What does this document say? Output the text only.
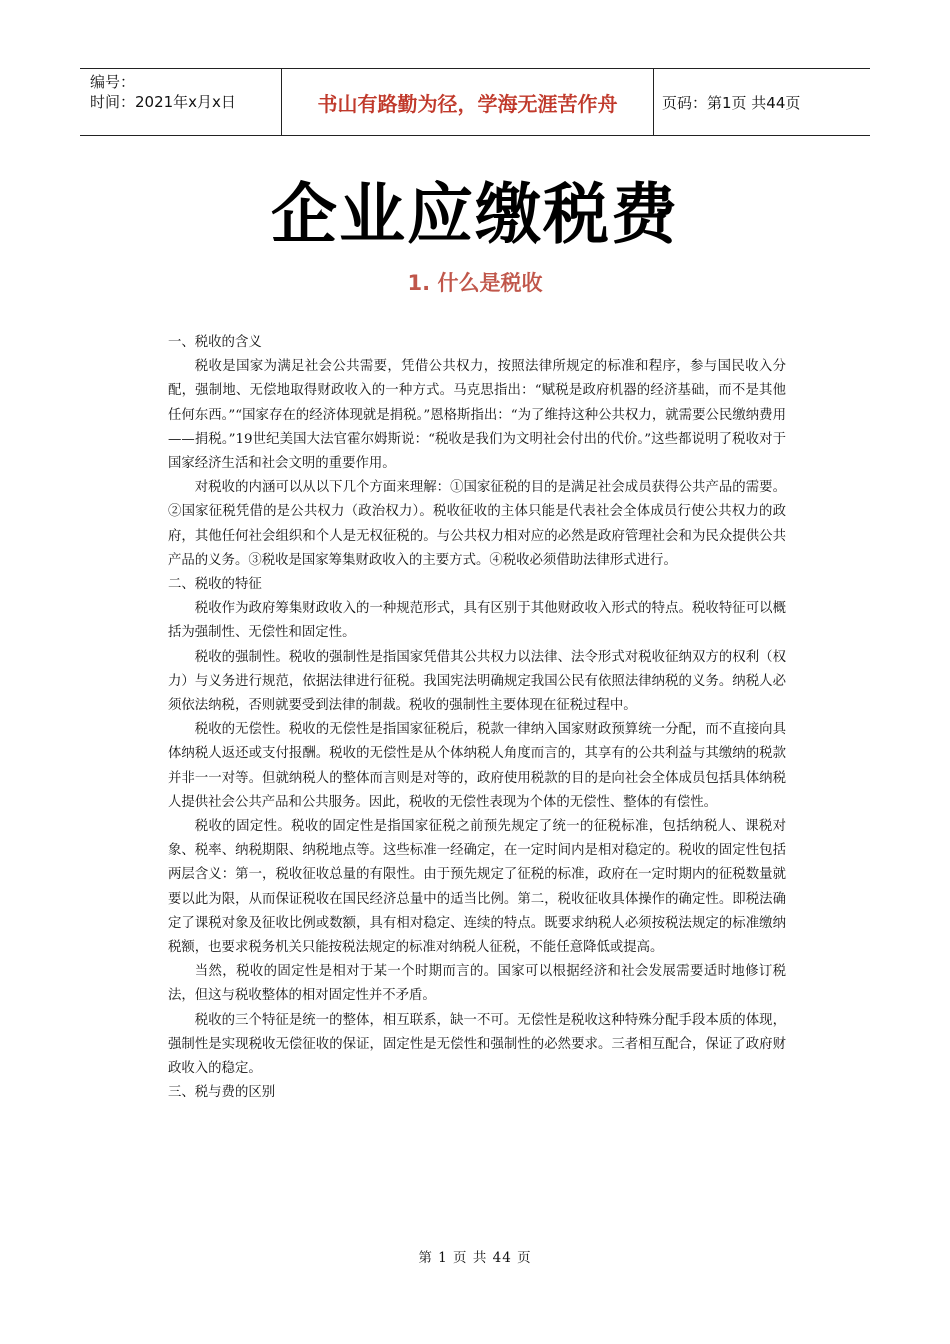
编号：
时间：2021年x月x日	书山有路勤为径，学海无涯苦作舟	页码：第1页 共44页
企业应缴税费
1. 什么是税收

一、税收的含义

税收是国家为满足社会公共需要，凭借公共权力，按照法律所规定的标准和程序，参与国民收入分配，强制地、无偿地取得财政收入的一种方式。马克思指出：“赋税是政府机器的经济基础，而不是其他任何东西。”“国家存在的经济体现就是捐税。”恩格斯指出：“为了维持这种公共权力，就需要公民缴纳费用——捐税。”19世纪美国大法官霍尔姆斯说：“税收是我们为文明社会付出的代价。”这些都说明了税收对于国家经济生活和社会文明的重要作用。

对税收的内涵可以从以下几个方面来理解：①国家征税的目的是满足社会成员获得公共产品的需要。②国家征税凭借的是公共权力（政治权力）。税收征收的主体只能是代表社会全体成员行使公共权力的政府，其他任何社会组织和个人是无权征税的。与公共权力相对应的必然是政府管理社会和为民众提供公共产品的义务。③税收是国家筹集财政收入的主要方式。④税收必须借助法律形式进行。

二、税收的特征

税收作为政府筹集财政收入的一种规范形式，具有区别于其他财政收入形式的特点。税收特征可以概括为强制性、无偿性和固定性。

税收的强制性。税收的强制性是指国家凭借其公共权力以法律、法令形式对税收征纳双方的权利（权力）与义务进行规范，依据法律进行征税。我国宪法明确规定我国公民有依照法律纳税的义务。纳税人必须依法纳税，否则就要受到法律的制裁。税收的强制性主要体现在征税过程中。

税收的无偿性。税收的无偿性是指国家征税后，税款一律纳入国家财政预算统一分配，而不直接向具体纳税人返还或支付报酬。税收的无偿性是从个体纳税人角度而言的，其享有的公共利益与其缴纳的税款并非一一对等。但就纳税人的整体而言则是对等的，政府使用税款的目的是向社会全体成员包括具体纳税人提供社会公共产品和公共服务。因此，税收的无偿性表现为个体的无偿性、整体的有偿性。

税收的固定性。税收的固定性是指国家征税之前预先规定了统一的征税标准，包括纳税人、课税对象、税率、纳税期限、纳税地点等。这些标准一经确定，在一定时间内是相对稳定的。税收的固定性包括两层含义：第一，税收征收总量的有限性。由于预先规定了征税的标准，政府在一定时期内的征税数量就要以此为限，从而保证税收在国民经济总量中的适当比例。第二，税收征收具体操作的确定性。即税法确定了课税对象及征收比例或数额，具有相对稳定、连续的特点。既要求纳税人必须按税法规定的标准缴纳税额，也要求税务机关只能按税法规定的标准对纳税人征税，不能任意降低或提高。

当然，税收的固定性是相对于某一个时期而言的。国家可以根据经济和社会发展需要适时地修订税法，但这与税收整体的相对固定性并不矛盾。

税收的三个特征是统一的整体，相互联系，缺一不可。无偿性是税收这种特殊分配手段本质的体现，强制性是实现税收无偿征收的保证，固定性是无偿性和强制性的必然要求。三者相互配合，保证了政府财政收入的稳定。

三、税与费的区别

第 1 页 共 44 页
